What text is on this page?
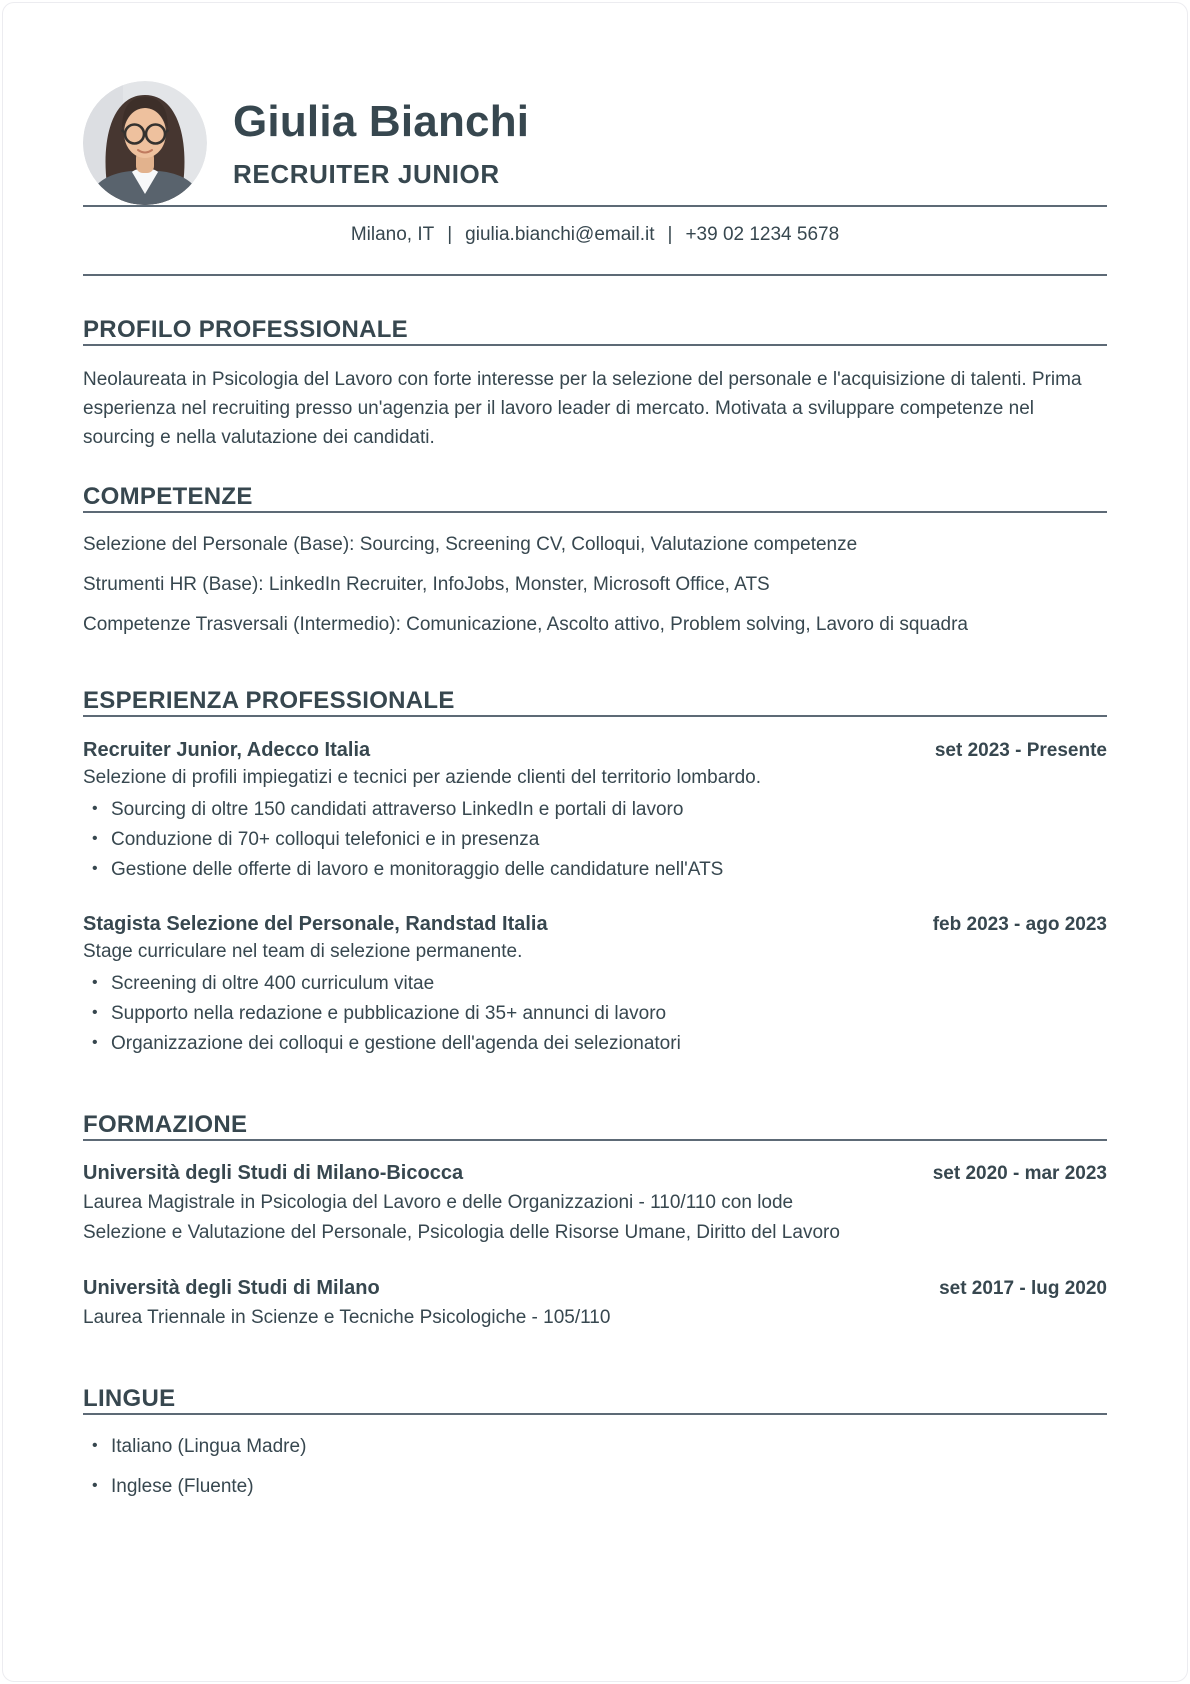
Giulia Bianchi
RECRUITER JUNIOR
Milano, IT | giulia.bianchi@email.it | +39 02 1234 5678
PROFILO PROFESSIONALE

Neolaureata in Psicologia del Lavoro con forte interesse per la selezione del personale e l'acquisizione di talenti. Prima esperienza nel recruiting presso un'agenzia per il lavoro leader di mercato. Motivata a sviluppare competenze nel sourcing e nella valutazione dei candidati.

COMPETENZE

Selezione del Personale (Base): Sourcing, Screening CV, Colloqui, Valutazione competenze

Strumenti HR (Base): LinkedIn Recruiter, InfoJobs, Monster, Microsoft Office, ATS

Competenze Trasversali (Intermedio): Comunicazione, Ascolto attivo, Problem solving, Lavoro di squadra

ESPERIENZA PROFESSIONALE
Recruiter Junior, Adecco Italia	set 2023 - Presente

Selezione di profili impiegatizi e tecnici per aziende clienti del territorio lombardo.

• Sourcing di oltre 150 candidati attraverso LinkedIn e portali di lavoro
• Conduzione di 70+ colloqui telefonici e in presenza
• Gestione delle offerte di lavoro e monitoraggio delle candidature nell'ATS
Stagista Selezione del Personale, Randstad Italia	feb 2023 - ago 2023

Stage curriculare nel team di selezione permanente.

• Screening di oltre 400 curriculum vitae
• Supporto nella redazione e pubblicazione di 35+ annunci di lavoro
• Organizzazione dei colloqui e gestione dell'agenda dei selezionatori
FORMAZIONE
Università degli Studi di Milano-Bicocca	set 2020 - mar 2023

Laurea Magistrale in Psicologia del Lavoro e delle Organizzazioni - 110/110 con lode

Selezione e Valutazione del Personale, Psicologia delle Risorse Umane, Diritto del Lavoro

Università degli Studi di Milano	set 2017 - lug 2020

Laurea Triennale in Scienze e Tecniche Psicologiche - 105/110

LINGUE
• Italiano (Lingua Madre)
• Inglese (Fluente)
